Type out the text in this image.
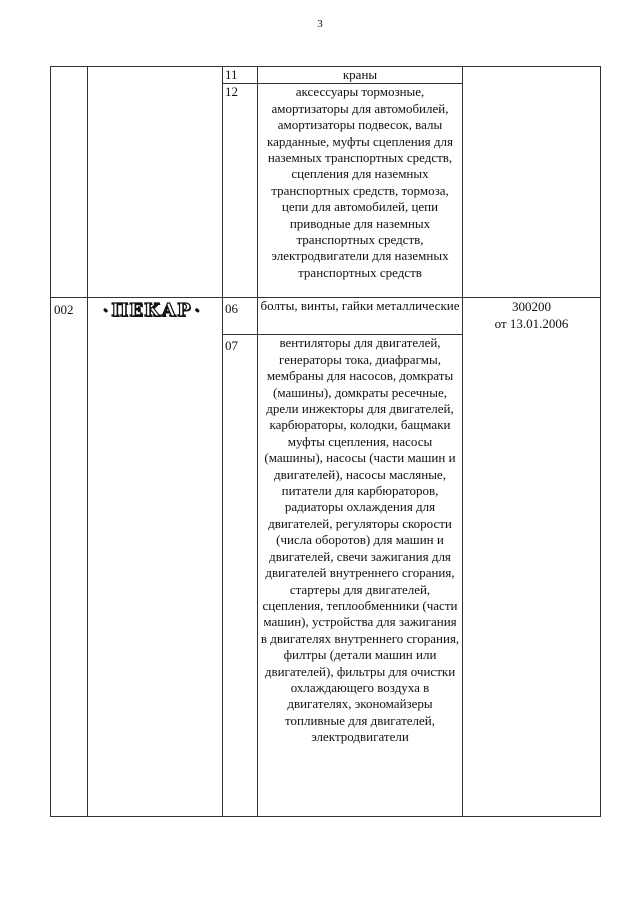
3
		11	краны	
		12	аксессуары тормозные, амортизаторы для автомобилей, амортизаторы подвесок, валы карданные, муфты сцепления для наземных транспортных средств, сцепления для наземных транспортных средств, тормоза, цепи для автомобилей, цепи приводные для наземных транспортных средств, электродвигатели для наземных транспортных средств	
002	· ПЕКАР ·	06	болты, винты, гайки металлические	300200
от 13.01.2006

		07	вентиляторы для двигателей, генераторы тока, диафрагмы, мембраны для насосов, домкраты (машины), домкраты ресечные, дрели инжекторы для двигателей, карбюраторы, колодки, бащмаки муфты сцепления, насосы (машины), насосы (части машин и двигателей), насосы масляные, питатели для карбюраторов, радиаторы охлаждения для двигателей, регуляторы скорости (числа оборотов) для машин и двигателей, свечи зажигания для двигателей внутреннего сгорания, стартеры для двигателей, сцепления, теплообменники (части машин), устройства для зажигания в двигателях внутреннего сгорания, филтры (детали машин или двигателей), фильтры для очистки охлаждающего воздуха в двигателях, экономайзеры топливные для двигателей, электродвигатели	
